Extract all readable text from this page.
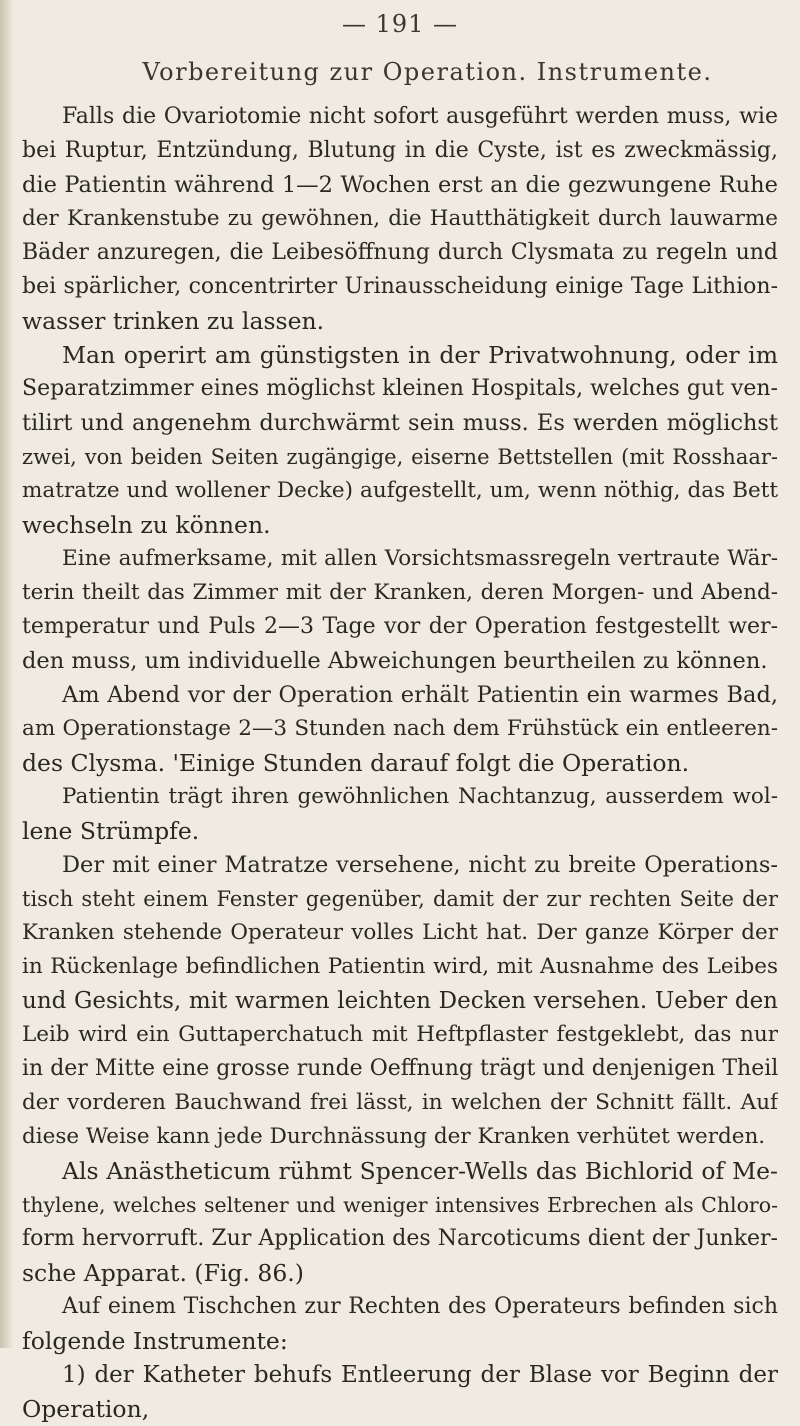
— 191 —
Vorbereitung zur Operation. Instrumente.
Falls die Ovariotomie nicht sofort ausgeführt werden muss, wie
bei Ruptur, Entzündung, Blutung in die Cyste, ist es zweckmässig,
die Patientin während 1—2 Wochen erst an die gezwungene Ruhe
der Krankenstube zu gewöhnen, die Hautthätigkeit durch lauwarme
Bäder anzuregen, die Leibesöffnung durch Clysmata zu regeln und
bei spärlicher, concentrirter Urinausscheidung einige Tage Lithion-
wasser trinken zu lassen.
Man operirt am günstigsten in der Privatwohnung, oder im
Separatzimmer eines möglichst kleinen Hospitals, welches gut ven-
tilirt und angenehm durchwärmt sein muss. Es werden möglichst
zwei, von beiden Seiten zugängige, eiserne Bettstellen (mit Rosshaar-
matratze und wollener Decke) aufgestellt, um, wenn nöthig, das Bett
wechseln zu können.
Eine aufmerksame, mit allen Vorsichtsmassregeln vertraute Wär-
terin theilt das Zimmer mit der Kranken, deren Morgen- und Abend-
temperatur und Puls 2—3 Tage vor der Operation festgestellt wer-
den muss, um individuelle Abweichungen beurtheilen zu können.
Am Abend vor der Operation erhält Patientin ein warmes Bad,
am Operationstage 2—3 Stunden nach dem Frühstück ein entleeren-
des Clysma. 'Einige Stunden darauf folgt die Operation.
Patientin trägt ihren gewöhnlichen Nachtanzug, ausserdem wol-
lene Strümpfe.
Der mit einer Matratze versehene, nicht zu breite Operations-
tisch steht einem Fenster gegenüber, damit der zur rechten Seite der
Kranken stehende Operateur volles Licht hat. Der ganze Körper der
in Rückenlage befindlichen Patientin wird, mit Ausnahme des Leibes
und Gesichts, mit warmen leichten Decken versehen. Ueber den
Leib wird ein Guttaperchatuch mit Heftpflaster festgeklebt, das nur
in der Mitte eine grosse runde Oeffnung trägt und denjenigen Theil
der vorderen Bauchwand frei lässt, in welchen der Schnitt fällt. Auf
diese Weise kann jede Durchnässung der Kranken verhütet werden.
Als Anästheticum rühmt Spencer-Wells das Bichlorid of Me-
thylene, welches seltener und weniger intensives Erbrechen als Chloro-
form hervorruft. Zur Application des Narcoticums dient der Junker-
sche Apparat. (Fig. 86.)
Auf einem Tischchen zur Rechten des Operateurs befinden sich
folgende Instrumente:
1) der Katheter behufs Entleerung der Blase vor Beginn der
Operation,
